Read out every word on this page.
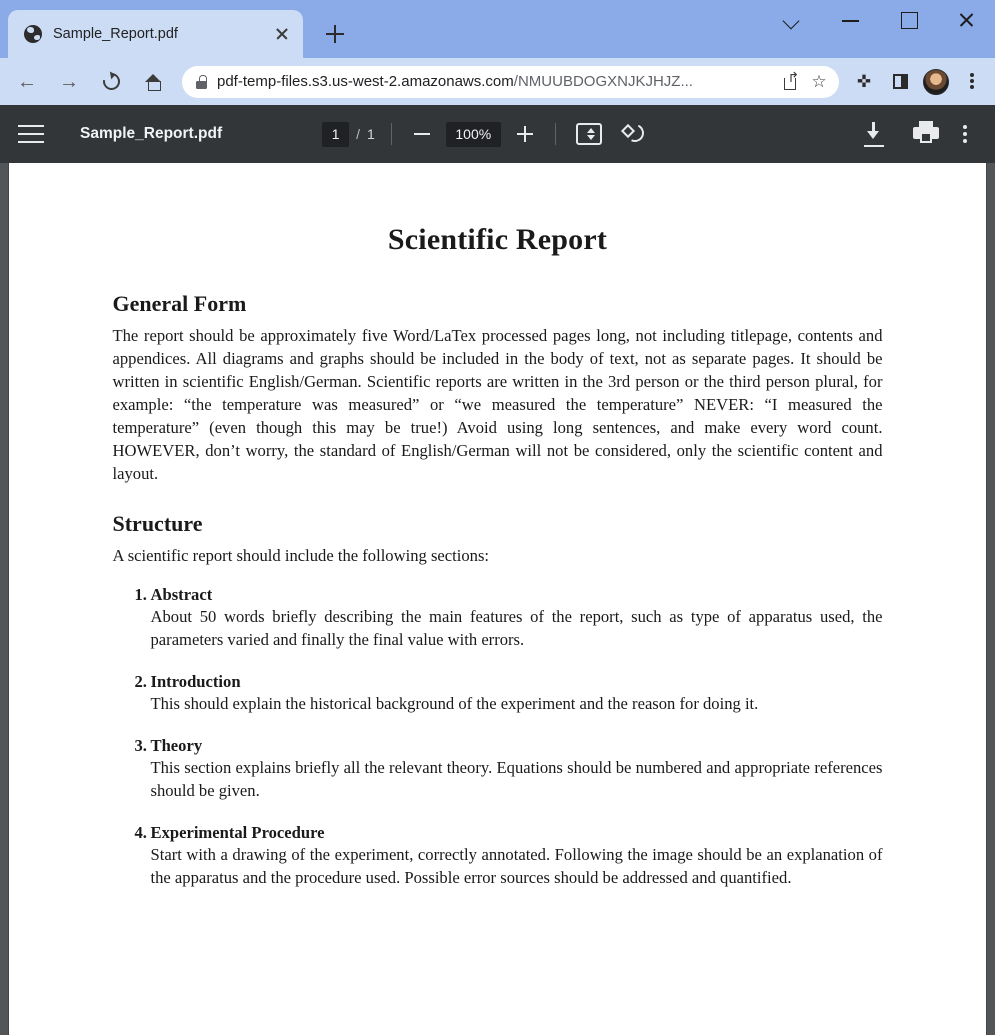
Sample_Report.pdf
←	→	pdf-temp-files.s3.us-west-2.amazonaws.com/NMUUBDOGXNJKJHJZ... ↱	☆	✜
Sample_Report.pdf	1	/ 1	100%
Scientific Report
General Form
The report should be approximately five Word/LaTex processed pages long, not including titlepage, contents and appendices. All diagrams and graphs should be included in the body of text, not as separate pages. It should be written in scientific English/German. Scientific reports are written in the 3rd person or the third person plural, for example: “the temperature was measured” or “we measured the temperature” NEVER: “I measured the temperature” (even though this may be true!) Avoid using long sentences, and make every word count. HOWEVER, don’t worry, the standard of English/German will not be considered, only the scientific content and layout.
Structure
A scientific report should include the following sections:
1. Abstract
About 50 words briefly describing the main features of the report, such as type of apparatus used, the parameters varied and finally the final value with errors.
2. Introduction
This should explain the historical background of the experiment and the reason for doing it.
3. Theory
This section explains briefly all the relevant theory. Equations should be numbered and appropriate references should be given.
4. Experimental Procedure
Start with a drawing of the experiment, correctly annotated. Following the image should be an explanation of the apparatus and the procedure used. Possible error sources should be addressed and quantified.
